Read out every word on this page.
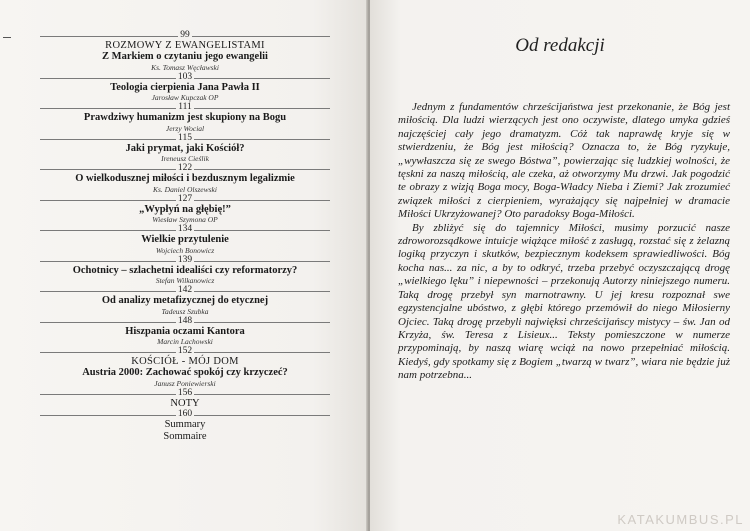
99
ROZMOWY Z EWANGELISTAMI
Z Markiem o czytaniu jego ewangelii
Ks. Tomasz Węcławski
103
Teologia cierpienia Jana Pawła II
Jarosław Kupczak OP
111
Prawdziwy humanizm jest skupiony na Bogu
Jerzy Wocial
115
Jaki prymat, jaki Kościół?
Ireneusz Cieślik
122
O wielkodusznej miłości i bezdusznym legalizmie
Ks. Daniel Olszewski
127
„Wypłyń na głębię!”
Wiesław Szymona OP
134
Wielkie przytulenie
Wojciech Bonowicz
139
Ochotnicy – szlachetni idealiści czy reformatorzy?
Stefan Wilkanowicz
142
Od analizy metafizycznej do etycznej
Tadeusz Szubka
148
Hiszpania oczami Kantora
Marcin Lachowski
152
KOŚCIÓŁ - MÓJ DOM
Austria 2000: Zachować spokój czy krzyczeć?
Janusz Poniewierski
156
NOTY
160
Summary
Sommaire
Od redakcji

Jednym z fundamentów chrześcijaństwa jest przekonanie, że Bóg jest miłością. Dla ludzi wierzących jest ono oczywiste, dlatego umyka gdzieś najczęściej cały jego dramatyzm. Cóż tak naprawdę kryje się w stwierdzeniu, że Bóg jest miłością? Oznacza to, że Bóg ryzykuje, „wywłaszcza się ze swego Bóstwa”, powierzając się ludzkiej wolności, że tęskni za naszą miłością, ale czeka, aż otworzymy Mu drzwi. Jak pogodzić te obrazy z wizją Boga mocy, Boga-Władcy Nieba i Ziemi? Jak zrozumieć związek miłości z cierpieniem, wyrażający się najpełniej w dramacie Miłości Ukrzyżowanej? Oto paradoksy Boga-Miłości.

By zbliżyć się do tajemnicy Miłości, musimy porzucić nasze zdroworozsądkowe intuicje wiążące miłość z zasługą, rozstać się z żelazną logiką przyczyn i skutków, bezpiecznym kodeksem sprawiedliwości. Bóg kocha nas... za nic, a by to odkryć, trzeba przebyć oczyszczającą drogę „wielkiego lęku” i niepewności – przekonują Autorzy niniejszego numeru. Taką drogę przebył syn marnotrawny. U jej kresu rozpoznał swe egzystencjalne ubóstwo, z głębi którego przemówił do niego Miłosierny Ojciec. Taką drogę przebyli najwięksi chrześcijańscy mistycy – św. Jan od Krzyża, św. Teresa z Lisieux... Teksty pomieszczone w numerze przypominają, by naszą wiarę wciąż na nowo przepełniać miłością. Kiedyś, gdy spotkamy się z Bogiem „twarzą w twarz”, wiara nie będzie już nam potrzebna...

KATAKUMBUS.PL
